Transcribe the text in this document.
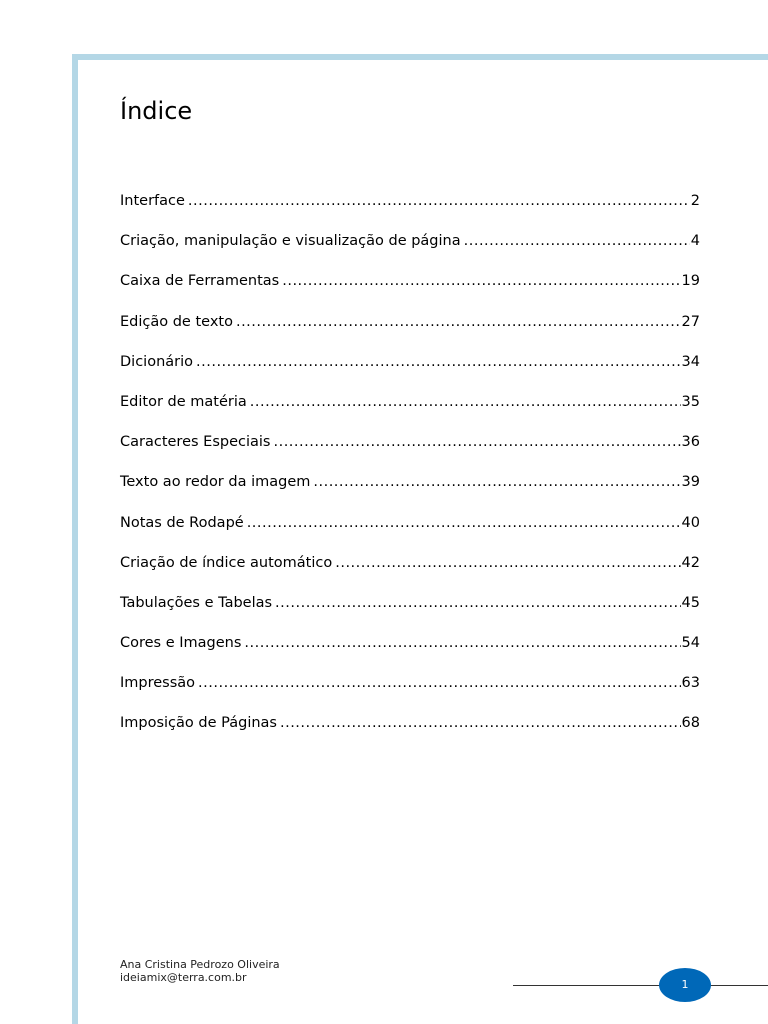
Índice
Interface .....	2
Criação, manipulação e visualização de página .....	4
Caixa de Ferramentas .....	19
Edição de texto .....	27
Dicionário .....	34
Editor de matéria .....	35
Caracteres Especiais .....	36
Texto ao redor da imagem .....	39
Notas de Rodapé .....	40
Criação de índice automático .....	42
Tabulações e Tabelas .....	45
Cores e Imagens .....	54
Impressão .....	63
Imposição de Páginas .....	68
Ana Cristina Pedrozo Oliveira
ideiamix@terra.com.br
1
